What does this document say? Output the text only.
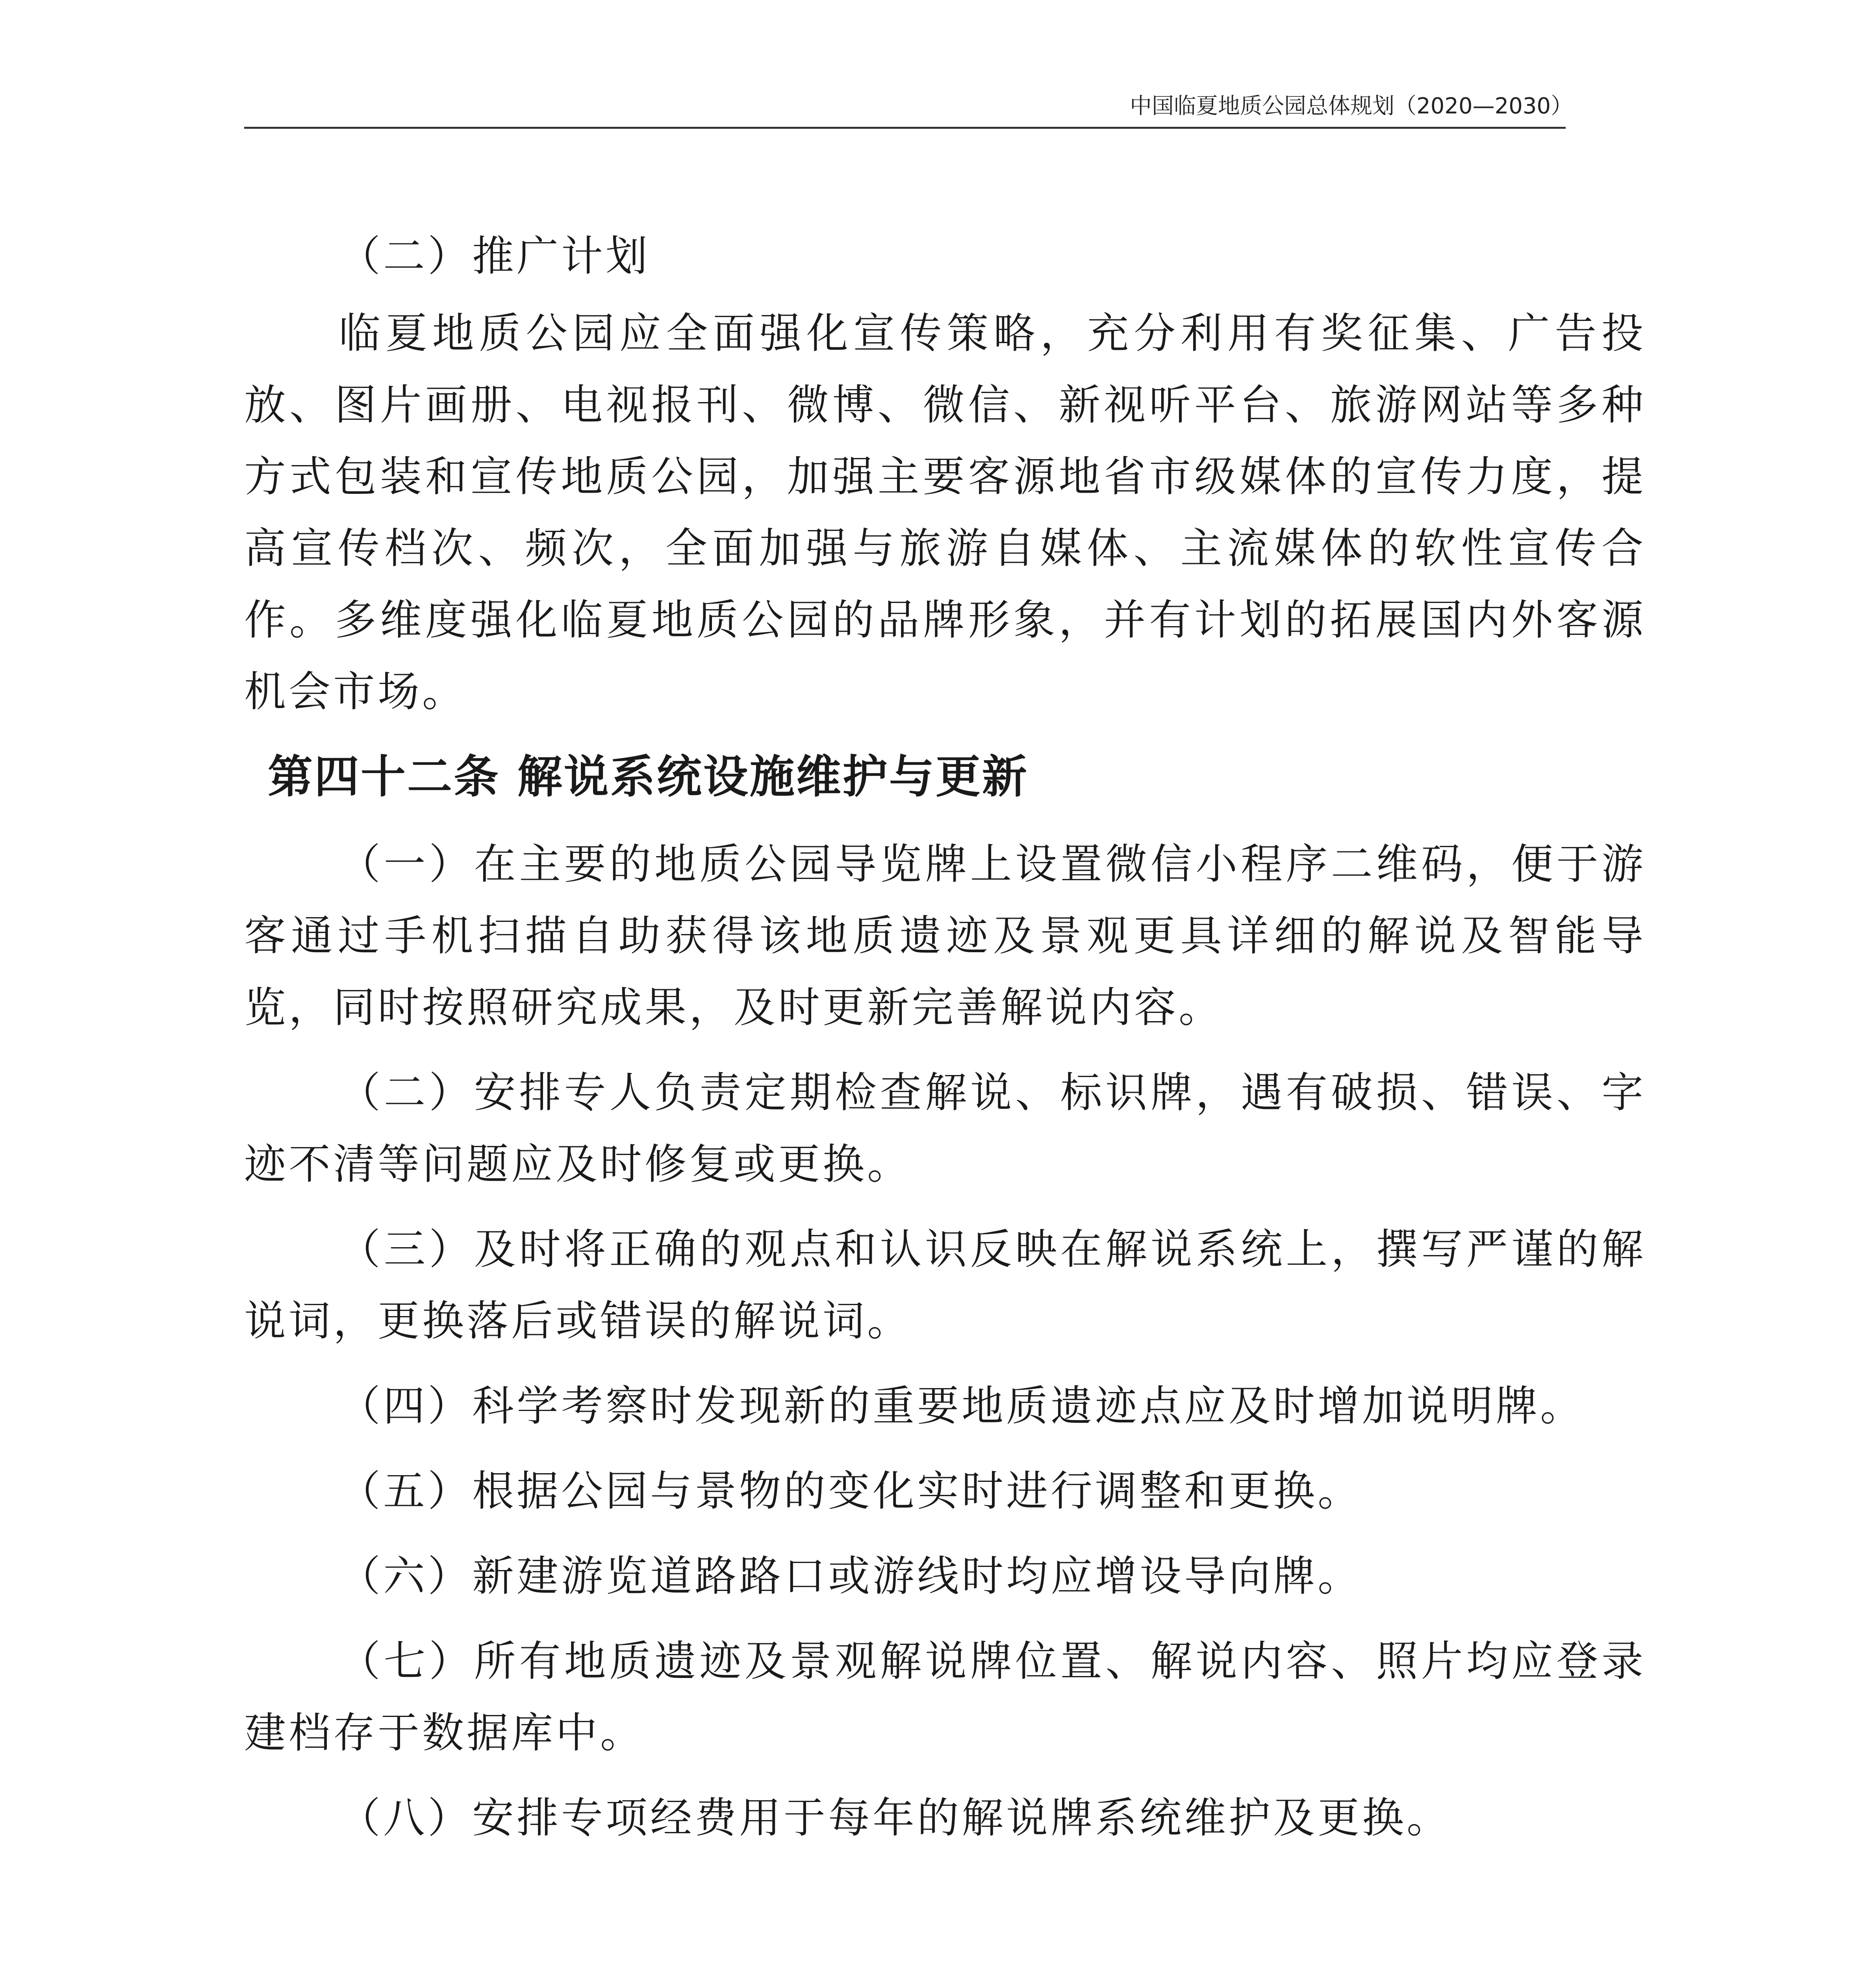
中国临夏地质公园总体规划（2020—2030）

（二）推广计划

临夏地质公园应全面强化宣传策略，充分利用有奖征集、广告投放、图片画册、电视报刊、微博、微信、新视听平台、旅游网站等多种方式包装和宣传地质公园，加强主要客源地省市级媒体的宣传力度，提高宣传档次、频次，全面加强与旅游自媒体、主流媒体的软性宣传合作。多维度强化临夏地质公园的品牌形象，并有计划的拓展国内外客源机会市场。

第四十二条 解说系统设施维护与更新

（一）在主要的地质公园导览牌上设置微信小程序二维码，便于游客通过手机扫描自助获得该地质遗迹及景观更具详细的解说及智能导览，同时按照研究成果，及时更新完善解说内容。

（二）安排专人负责定期检查解说、标识牌，遇有破损、错误、字迹不清等问题应及时修复或更换。

（三）及时将正确的观点和认识反映在解说系统上，撰写严谨的解说词，更换落后或错误的解说词。

（四）科学考察时发现新的重要地质遗迹点应及时增加说明牌。

（五）根据公园与景物的变化实时进行调整和更换。

（六）新建游览道路路口或游线时均应增设导向牌。

（七）所有地质遗迹及景观解说牌位置、解说内容、照片均应登录建档存于数据库中。

（八）安排专项经费用于每年的解说牌系统维护及更换。
